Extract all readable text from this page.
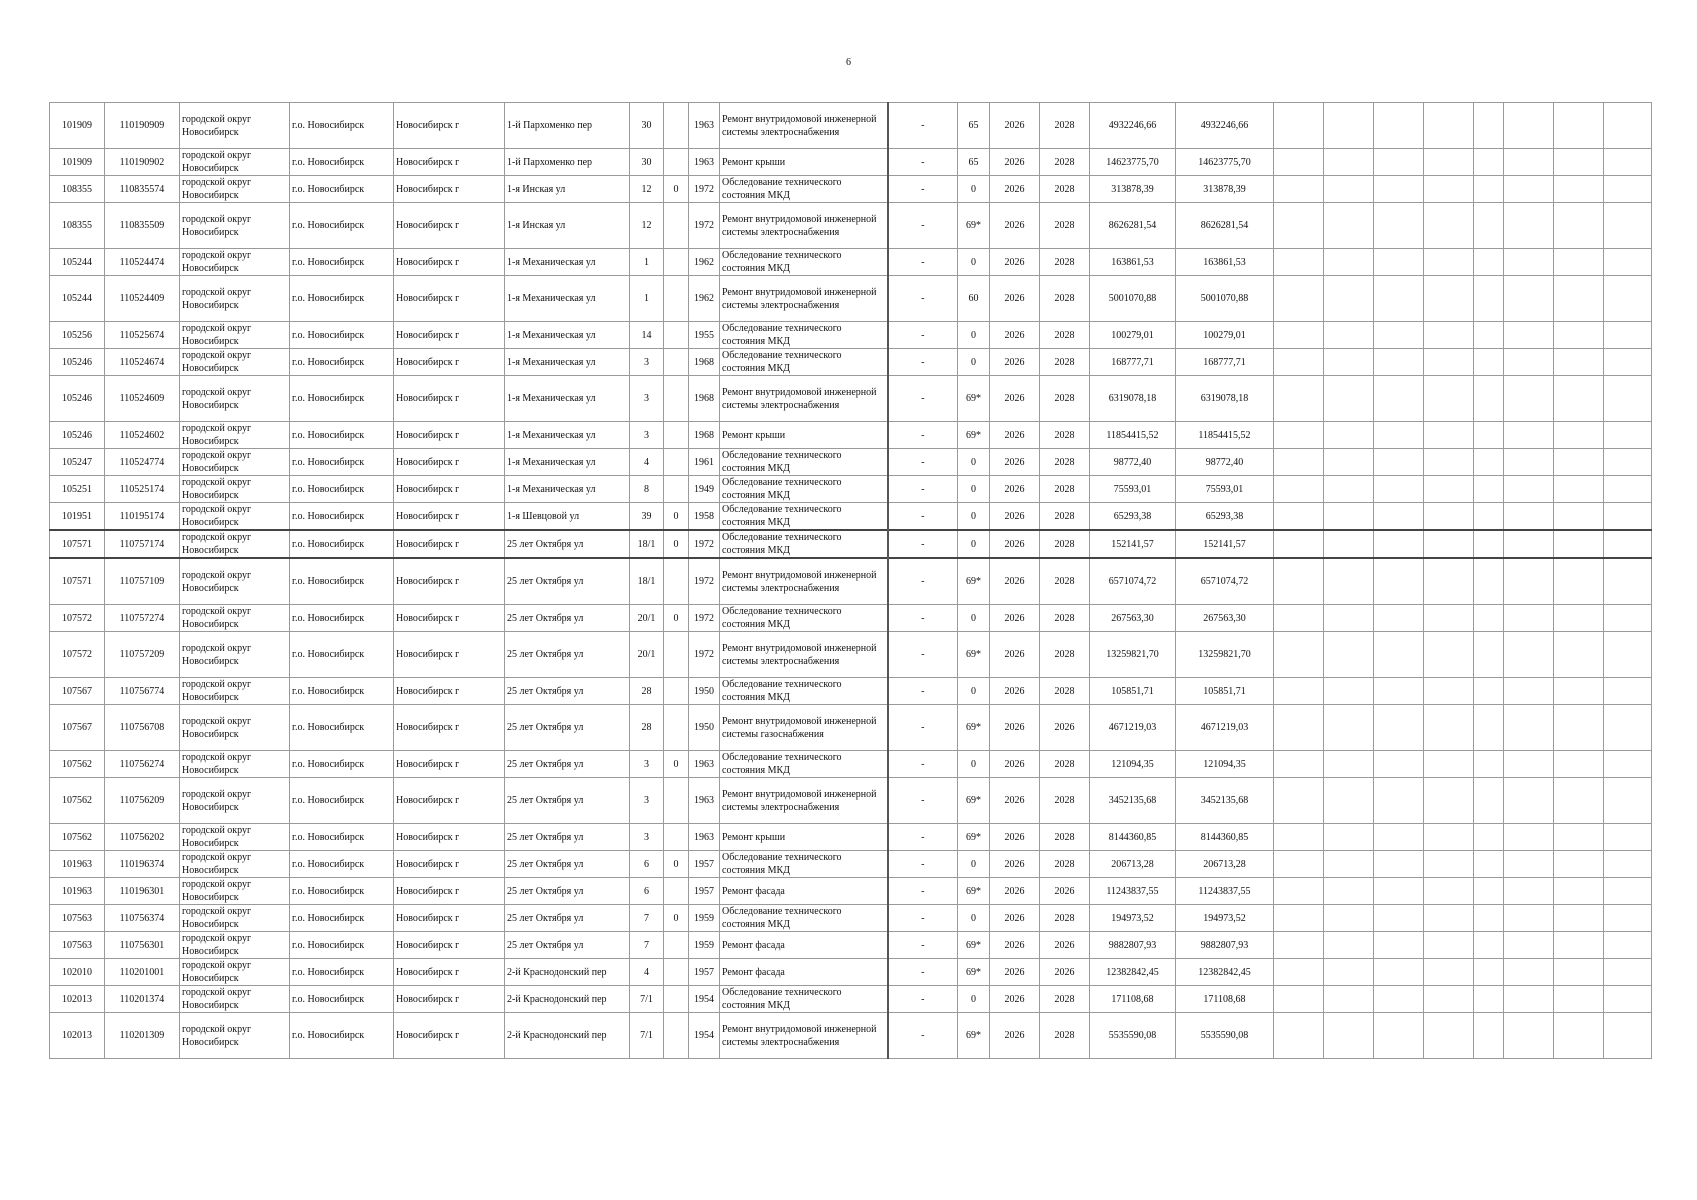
6
101909	110190909	городской округ Новосибирск	г.о. Новосибирск	Новосибирск г	1-й Пархоменко пер	30		1963	Ремонт внутридомовой инженерной системы электроснабжения	-	65	2026	2028	4932246,66	4932246,66								
101909	110190902	городской округ Новосибирск	г.о. Новосибирск	Новосибирск г	1-й Пархоменко пер	30		1963	Ремонт крыши	-	65	2026	2028	14623775,70	14623775,70								
108355	110835574	городской округ Новосибирск	г.о. Новосибирск	Новосибирск г	1-я Инская ул	12	0	1972	Обследование технического состояния МКД	-	0	2026	2028	313878,39	313878,39								
108355	110835509	городской округ Новосибирск	г.о. Новосибирск	Новосибирск г	1-я Инская ул	12		1972	Ремонт внутридомовой инженерной системы электроснабжения	-	69*	2026	2028	8626281,54	8626281,54								
105244	110524474	городской округ Новосибирск	г.о. Новосибирск	Новосибирск г	1-я Механическая ул	1		1962	Обследование технического состояния МКД	-	0	2026	2028	163861,53	163861,53								
105244	110524409	городской округ Новосибирск	г.о. Новосибирск	Новосибирск г	1-я Механическая ул	1		1962	Ремонт внутридомовой инженерной системы электроснабжения	-	60	2026	2028	5001070,88	5001070,88								
105256	110525674	городской округ Новосибирск	г.о. Новосибирск	Новосибирск г	1-я Механическая ул	14		1955	Обследование технического состояния МКД	-	0	2026	2028	100279,01	100279,01								
105246	110524674	городской округ Новосибирск	г.о. Новосибирск	Новосибирск г	1-я Механическая ул	3		1968	Обследование технического состояния МКД	-	0	2026	2028	168777,71	168777,71								
105246	110524609	городской округ Новосибирск	г.о. Новосибирск	Новосибирск г	1-я Механическая ул	3		1968	Ремонт внутридомовой инженерной системы электроснабжения	-	69*	2026	2028	6319078,18	6319078,18								
105246	110524602	городской округ Новосибирск	г.о. Новосибирск	Новосибирск г	1-я Механическая ул	3		1968	Ремонт крыши	-	69*	2026	2028	11854415,52	11854415,52								
105247	110524774	городской округ Новосибирск	г.о. Новосибирск	Новосибирск г	1-я Механическая ул	4		1961	Обследование технического состояния МКД	-	0	2026	2028	98772,40	98772,40								
105251	110525174	городской округ Новосибирск	г.о. Новосибирск	Новосибирск г	1-я Механическая ул	8		1949	Обследование технического состояния МКД	-	0	2026	2028	75593,01	75593,01								
101951	110195174	городской округ Новосибирск	г.о. Новосибирск	Новосибирск г	1-я Шевцовой ул	39	0	1958	Обследование технического состояния МКД	-	0	2026	2028	65293,38	65293,38								
107571	110757174	городской округ Новосибирск	г.о. Новосибирск	Новосибирск г	25 лет Октября ул	18/1	0	1972	Обследование технического состояния МКД	-	0	2026	2028	152141,57	152141,57								
107571	110757109	городской округ Новосибирск	г.о. Новосибирск	Новосибирск г	25 лет Октября ул	18/1		1972	Ремонт внутридомовой инженерной системы электроснабжения	-	69*	2026	2028	6571074,72	6571074,72								
107572	110757274	городской округ Новосибирск	г.о. Новосибирск	Новосибирск г	25 лет Октября ул	20/1	0	1972	Обследование технического состояния МКД	-	0	2026	2028	267563,30	267563,30								
107572	110757209	городской округ Новосибирск	г.о. Новосибирск	Новосибирск г	25 лет Октября ул	20/1		1972	Ремонт внутридомовой инженерной системы электроснабжения	-	69*	2026	2028	13259821,70	13259821,70								
107567	110756774	городской округ Новосибирск	г.о. Новосибирск	Новосибирск г	25 лет Октября ул	28		1950	Обследование технического состояния МКД	-	0	2026	2028	105851,71	105851,71								
107567	110756708	городской округ Новосибирск	г.о. Новосибирск	Новосибирск г	25 лет Октября ул	28		1950	Ремонт внутридомовой инженерной системы газоснабжения	-	69*	2026	2026	4671219,03	4671219,03								
107562	110756274	городской округ Новосибирск	г.о. Новосибирск	Новосибирск г	25 лет Октября ул	3	0	1963	Обследование технического состояния МКД	-	0	2026	2028	121094,35	121094,35								
107562	110756209	городской округ Новосибирск	г.о. Новосибирск	Новосибирск г	25 лет Октября ул	3		1963	Ремонт внутридомовой инженерной системы электроснабжения	-	69*	2026	2028	3452135,68	3452135,68								
107562	110756202	городской округ Новосибирск	г.о. Новосибирск	Новосибирск г	25 лет Октября ул	3		1963	Ремонт крыши	-	69*	2026	2028	8144360,85	8144360,85								
101963	110196374	городской округ Новосибирск	г.о. Новосибирск	Новосибирск г	25 лет Октября ул	6	0	1957	Обследование технического состояния МКД	-	0	2026	2028	206713,28	206713,28								
101963	110196301	городской округ Новосибирск	г.о. Новосибирск	Новосибирск г	25 лет Октября ул	6		1957	Ремонт фасада	-	69*	2026	2026	11243837,55	11243837,55								
107563	110756374	городской округ Новосибирск	г.о. Новосибирск	Новосибирск г	25 лет Октября ул	7	0	1959	Обследование технического состояния МКД	-	0	2026	2028	194973,52	194973,52								
107563	110756301	городской округ Новосибирск	г.о. Новосибирск	Новосибирск г	25 лет Октября ул	7		1959	Ремонт фасада	-	69*	2026	2026	9882807,93	9882807,93								
102010	110201001	городской округ Новосибирск	г.о. Новосибирск	Новосибирск г	2-й Краснодонский пер	4		1957	Ремонт фасада	-	69*	2026	2026	12382842,45	12382842,45								
102013	110201374	городской округ Новосибирск	г.о. Новосибирск	Новосибирск г	2-й Краснодонский пер	7/1		1954	Обследование технического состояния МКД	-	0	2026	2028	171108,68	171108,68								
102013	110201309	городской округ Новосибирск	г.о. Новосибирск	Новосибирск г	2-й Краснодонский пер	7/1		1954	Ремонт внутридомовой инженерной системы электроснабжения	-	69*	2026	2028	5535590,08	5535590,08								
